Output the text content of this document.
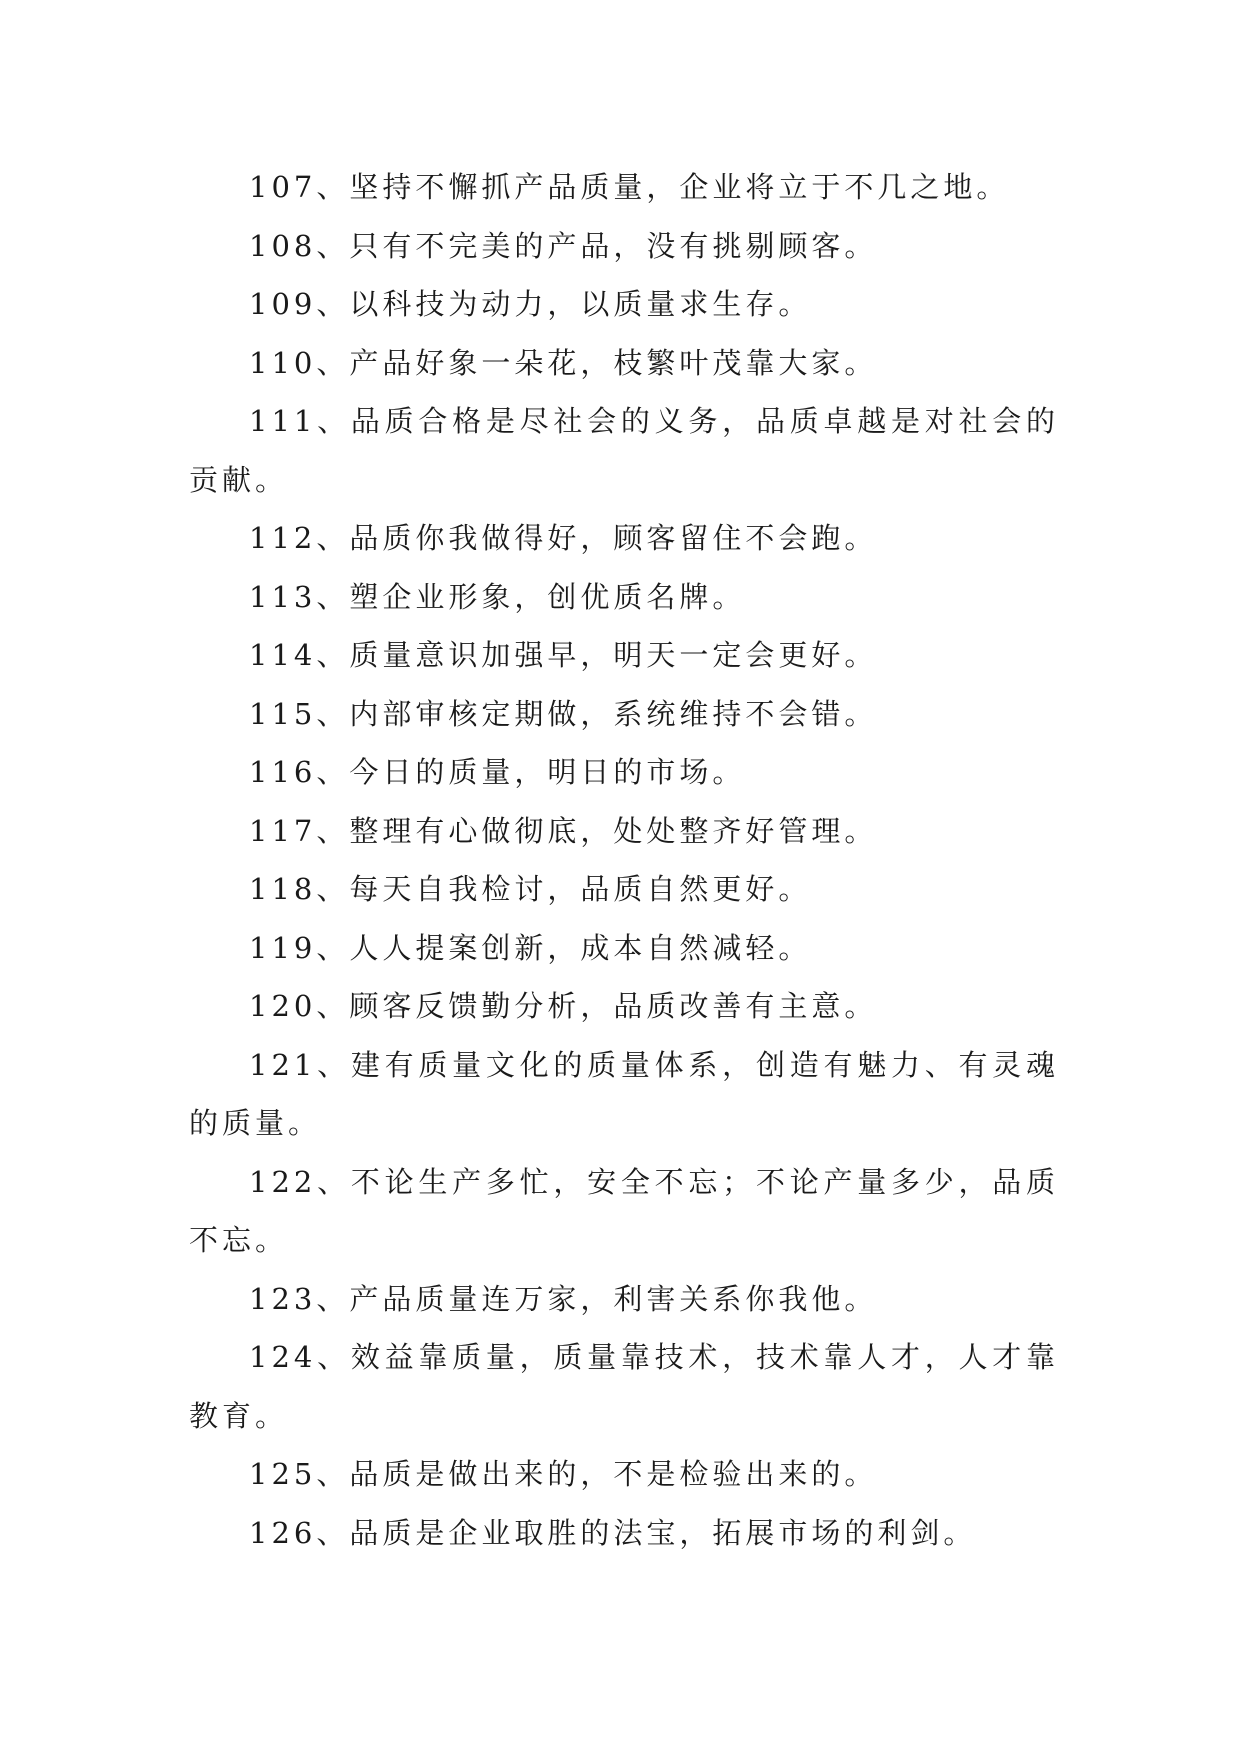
107、坚持不懈抓产品质量，企业将立于不几之地。

108、只有不完美的产品，没有挑剔顾客。

109、以科技为动力，以质量求生存。

110、产品好象一朵花，枝繁叶茂靠大家。

111、品质合格是尽社会的义务，品质卓越是对社会的贡献。

112、品质你我做得好，顾客留住不会跑。

113、塑企业形象，创优质名牌。

114、质量意识加强早，明天一定会更好。

115、内部审核定期做，系统维持不会错。

116、今日的质量，明日的市场。

117、整理有心做彻底，处处整齐好管理。

118、每天自我检讨，品质自然更好。

119、人人提案创新，成本自然减轻。

120、顾客反馈勤分析，品质改善有主意。

121、建有质量文化的质量体系，创造有魅力、有灵魂的质量。

122、不论生产多忙，安全不忘；不论产量多少，品质不忘。

123、产品质量连万家，利害关系你我他。

124、效益靠质量，质量靠技术，技术靠人才，人才靠教育。

125、品质是做出来的，不是检验出来的。

126、品质是企业取胜的法宝，拓展市场的利剑。
